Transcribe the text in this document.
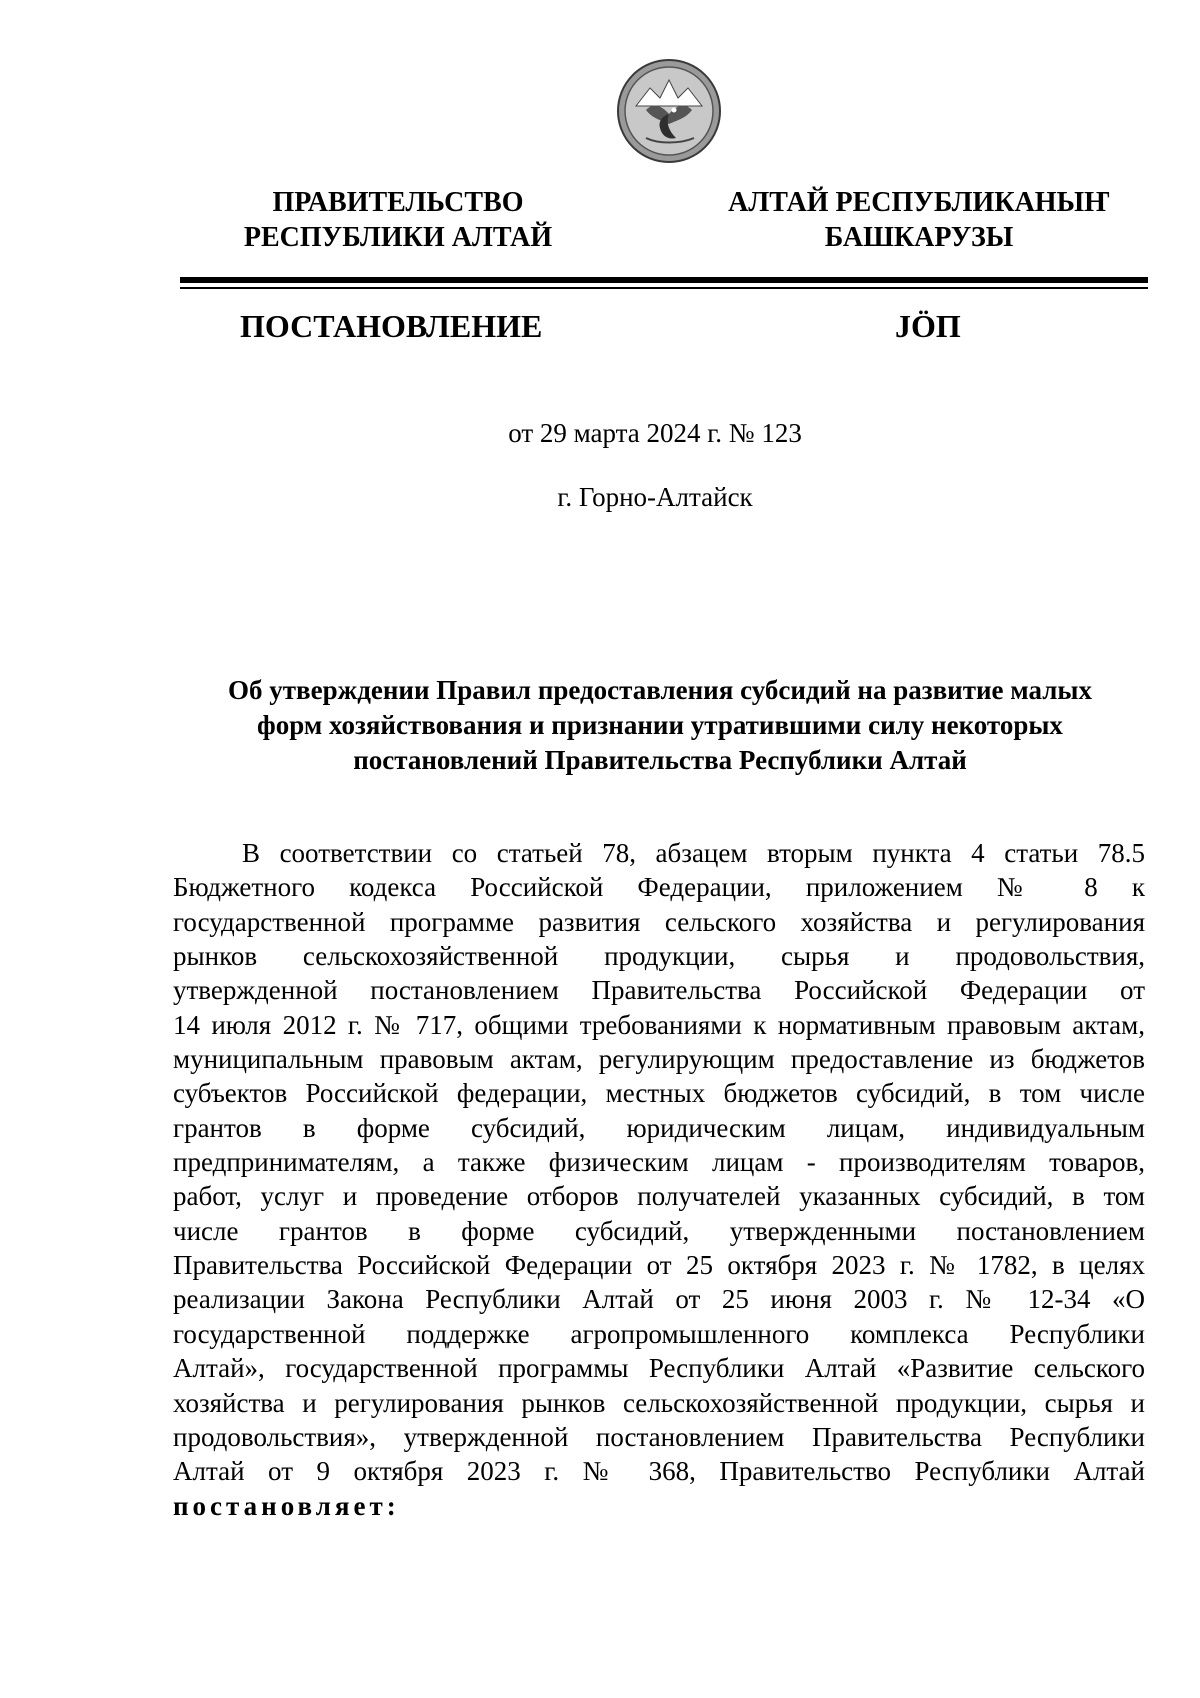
ПРАВИТЕЛЬСТВО
РЕСПУБЛИКИ АЛТАЙ
АЛТАЙ РЕСПУБЛИКАНЫҤ
БАШКАРУЗЫ
ПОСТАНОВЛЕНИЕ	JÖП
от 29 марта 2024 г. № 123
г. Горно-Алтайск
Об утверждении Правил предоставления субсидий на развитие малых
форм хозяйствования и признании утратившими силу некоторых
постановлений Правительства Республики Алтай
В соответствии со статьей 78, абзацем вторым пункта 4 статьи 78.5
Бюджетного кодекса Российской Федерации, приложением № 8 к
государственной программе развития сельского хозяйства и регулирования
рынков сельскохозяйственной продукции, сырья и продовольствия,
утвержденной постановлением Правительства Российской Федерации от
14 июля 2012 г. № 717, общими требованиями к нормативным правовым актам,
муниципальным правовым актам, регулирующим предоставление из бюджетов
субъектов Российской федерации, местных бюджетов субсидий, в том числе
грантов в форме субсидий, юридическим лицам, индивидуальным
предпринимателям, а также физическим лицам - производителям товаров,
работ, услуг и проведение отборов получателей указанных субсидий, в том
числе грантов в форме субсидий, утвержденными постановлением
Правительства Российской Федерации от 25 октября 2023 г. № 1782, в целях
реализации Закона Республики Алтай от 25 июня 2003 г. № 12-34 «О
государственной поддержке агропромышленного комплекса Республики
Алтай», государственной программы Республики Алтай «Развитие сельского
хозяйства и регулирования рынков сельскохозяйственной продукции, сырья и
продовольствия», утвержденной постановлением Правительства Республики
Алтай от 9 октября 2023 г. № 368, Правительство Республики Алтай
постановляет:
